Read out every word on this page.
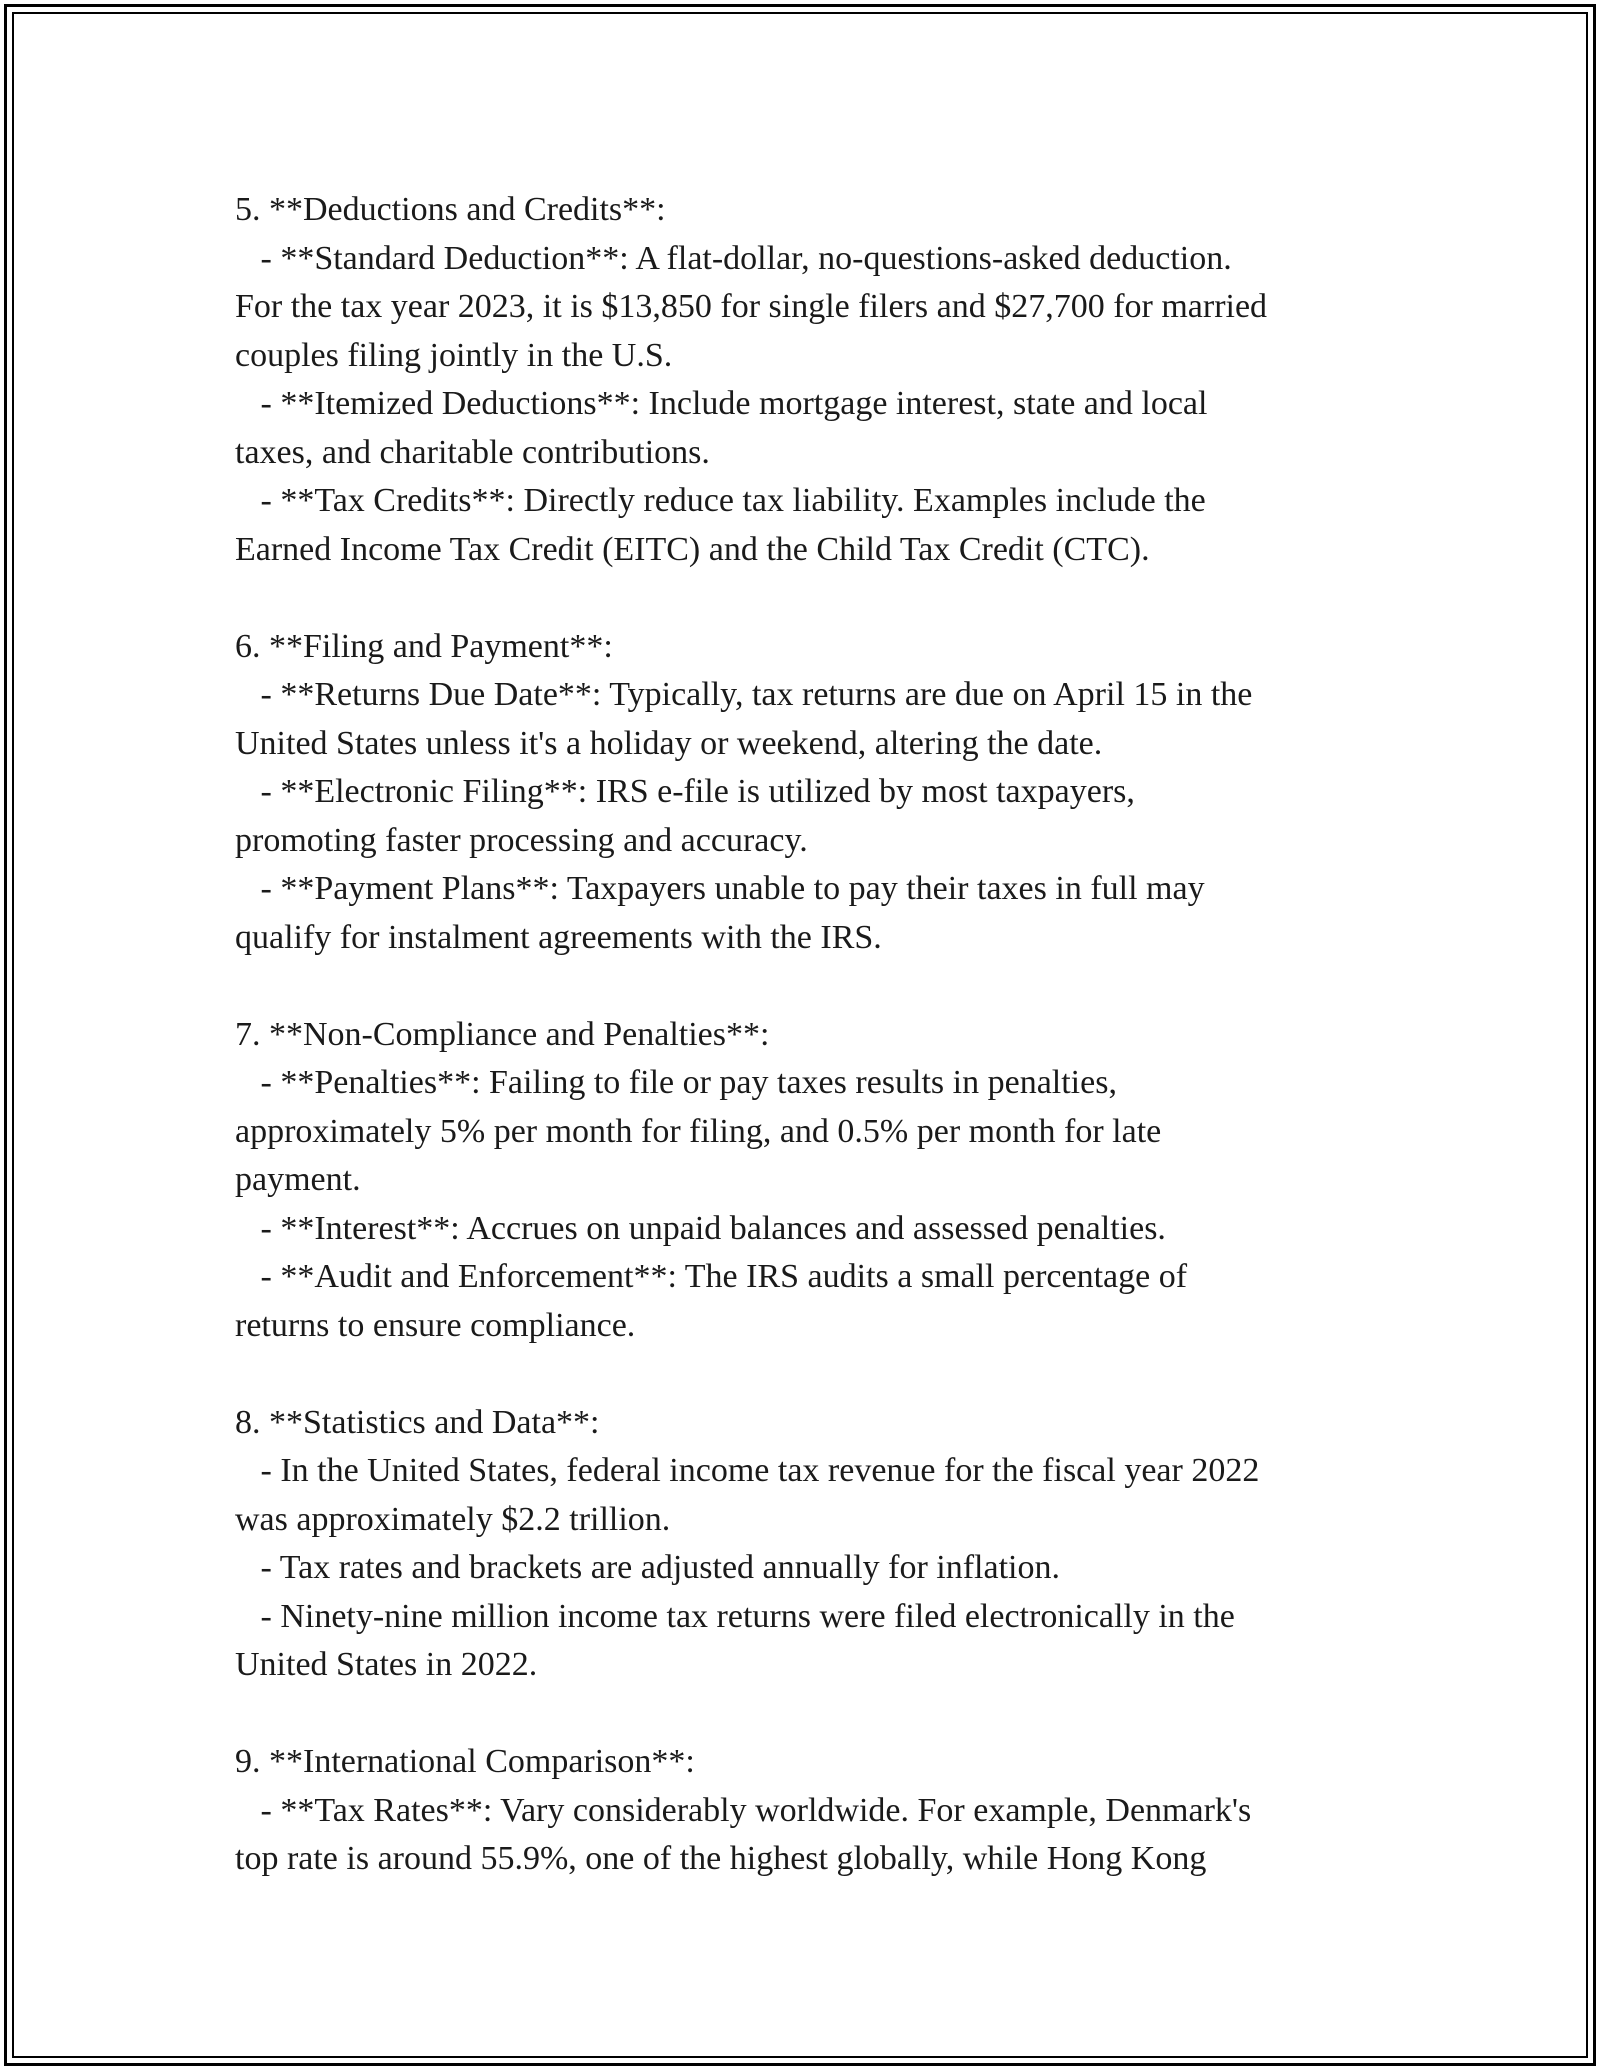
5. **Deductions and Credits**:

- **Standard Deduction**: A flat-dollar, no-questions-asked deduction.

For the tax year 2023, it is $13,850 for single filers and $27,700 for married

couples filing jointly in the U.S.

- **Itemized Deductions**: Include mortgage interest, state and local

taxes, and charitable contributions.

- **Tax Credits**: Directly reduce tax liability. Examples include the

Earned Income Tax Credit (EITC) and the Child Tax Credit (CTC).

6. **Filing and Payment**:

- **Returns Due Date**: Typically, tax returns are due on April 15 in the

United States unless it's a holiday or weekend, altering the date.

- **Electronic Filing**: IRS e-file is utilized by most taxpayers,

promoting faster processing and accuracy.

- **Payment Plans**: Taxpayers unable to pay their taxes in full may

qualify for instalment agreements with the IRS.

7. **Non-Compliance and Penalties**:

- **Penalties**: Failing to file or pay taxes results in penalties,

approximately 5% per month for filing, and 0.5% per month for late

payment.

- **Interest**: Accrues on unpaid balances and assessed penalties.

- **Audit and Enforcement**: The IRS audits a small percentage of

returns to ensure compliance.

8. **Statistics and Data**:

- In the United States, federal income tax revenue for the fiscal year 2022

was approximately $2.2 trillion.

- Tax rates and brackets are adjusted annually for inflation.

- Ninety-nine million income tax returns were filed electronically in the

United States in 2022.

9. **International Comparison**:

- **Tax Rates**: Vary considerably worldwide. For example, Denmark's

top rate is around 55.9%, one of the highest globally, while Hong Kong
